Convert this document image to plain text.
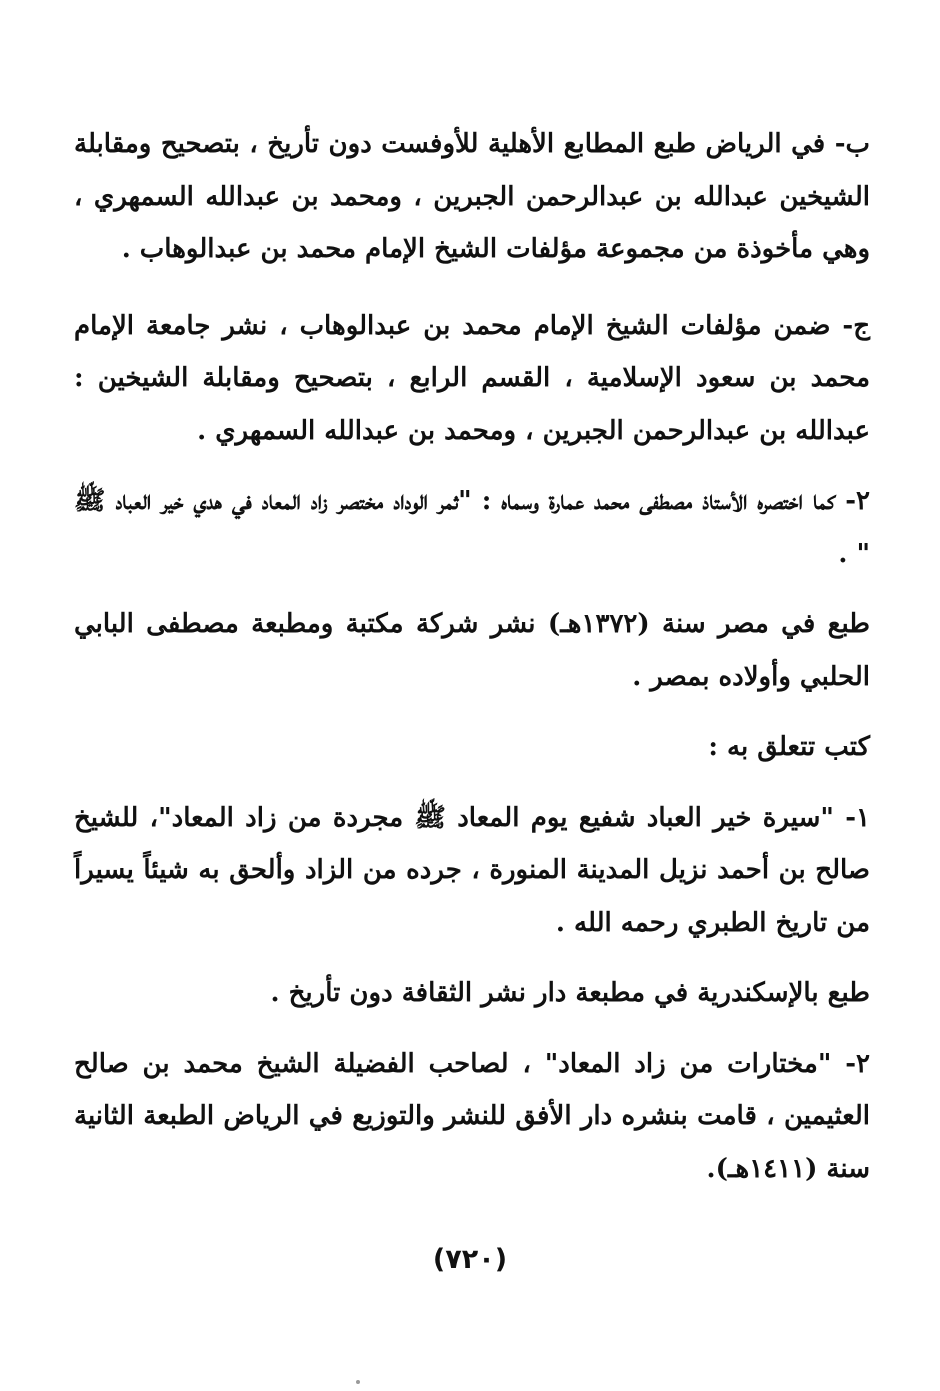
ب- في الرياض طبع المطابع الأهلية للأوفست دون تأريخ ، بتصحيح ومقابلة الشيخين عبدالله بن عبدالرحمن الجبرين ، ومحمد بن عبدالله السمهري ، وهي مأخوذة من مجموعة مؤلفات الشيخ الإمام محمد بن عبدالوهاب .

ج- ضمن مؤلفات الشيخ الإمام محمد بن عبدالوهاب ، نشر جامعة الإمام محمد بن سعود الإسلامية ، القسم الرابع ، بتصحيح ومقابلة الشيخين : عبدالله بن عبدالرحمن الجبرين ، ومحمد بن عبدالله السمهري .

٢- كما اختصره الأستاذ مصطفى محمد عمارة وسماه : "ثمر الوداد مختصر زاد المعاد في هدي خير العباد ﷺ " .

طبع في مصر سنة (١٣٧٢هـ) نشر شركة مكتبة ومطبعة مصطفى البابي الحلبي وأولاده بمصر .

كتب تتعلق به :

١- "سيرة خير العباد شفيع يوم المعاد ﷺ مجردة من زاد المعاد"، للشيخ صالح بن أحمد نزيل المدينة المنورة ، جرده من الزاد وألحق به شيئاً يسيراً من تاريخ الطبري رحمه الله .

طبع بالإسكندرية في مطبعة دار نشر الثقافة دون تأريخ .

٢- "مختارات من زاد المعاد" ، لصاحب الفضيلة الشيخ محمد بن صالح العثيمين ، قامت بنشره دار الأفق للنشر والتوزيع في الرياض الطبعة الثانية سنة (١٤١١هـ).

(٧٢٠)
